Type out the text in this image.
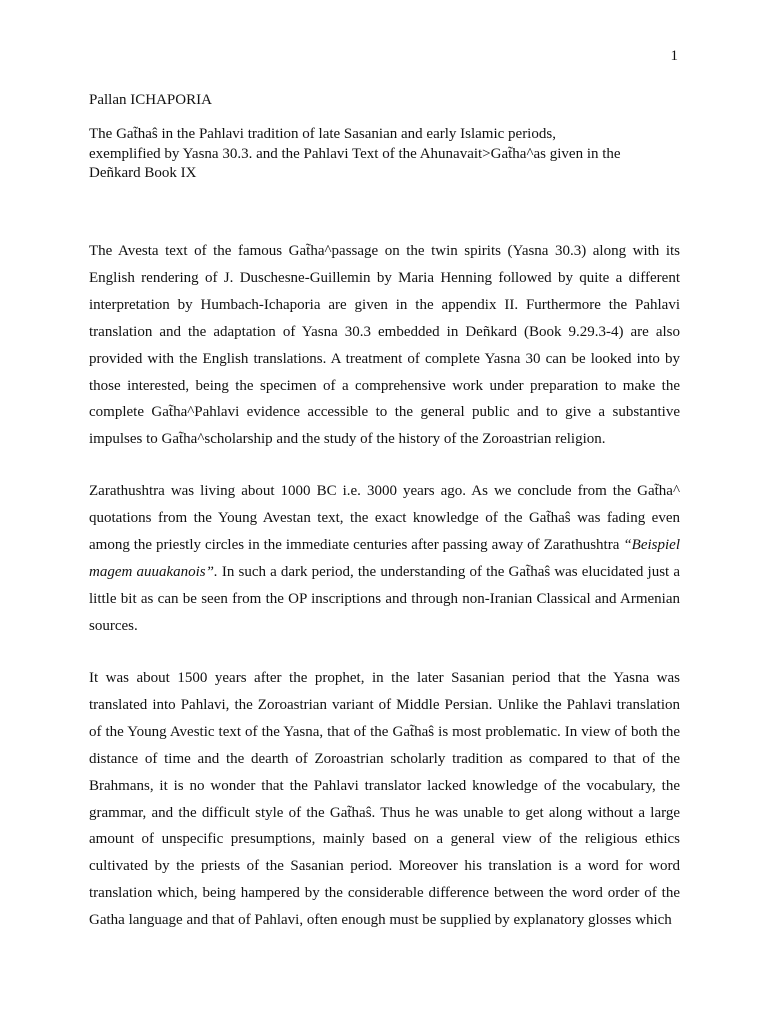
1

Pallan ICHAPORIA

The Gat̃haŝ in the Pahlavi tradition of late Sasanian and early Islamic periods,
exemplified by Yasna 30.3. and the Pahlavi Text of the Ahunavait>Gat̃ha^as given in the
Deñkard Book IX

The Avesta text of the famous Gat̃ha^passage on the twin spirits (Yasna 30.3) along with its English rendering of J. Duschesne-Guillemin by Maria Henning followed by quite a different interpretation by Humbach-Ichaporia are given in the appendix II. Furthermore the Pahlavi translation and the adaptation of Yasna 30.3 embedded in Deñkard (Book 9.29.3-4) are also provided with the English translations. A treatment of complete Yasna 30 can be looked into by those interested, being the specimen of a comprehensive work under preparation to make the complete Gat̃ha^Pahlavi evidence accessible to the general public and to give a substantive impulses to Gat̃ha^scholarship and the study of the history of the Zoroastrian religion.

Zarathushtra was living about 1000 BC i.e. 3000 years ago. As we conclude from the Gat̃ha^ quotations from the Young Avestan text, the exact knowledge of the Gat̃haŝ was fading even among the priestly circles in the immediate centuries after passing away of Zarathushtra “Beispiel magem auuakanois”. In such a dark period, the understanding of the Gat̃haŝ was elucidated just a little bit as can be seen from the OP inscriptions and through non-Iranian Classical and Armenian sources.

It was about 1500 years after the prophet, in the later Sasanian period that the Yasna was translated into Pahlavi, the Zoroastrian variant of Middle Persian. Unlike the Pahlavi translation of the Young Avestic text of the Yasna, that of the Gat̃haŝ is most problematic. In view of both the distance of time and the dearth of Zoroastrian scholarly tradition as compared to that of the Brahmans, it is no wonder that the Pahlavi translator lacked knowledge of the vocabulary, the grammar, and the difficult style of the Gat̃haŝ. Thus he was unable to get along without a large amount of unspecific presumptions, mainly based on a general view of the religious ethics cultivated by the priests of the Sasanian period. Moreover his translation is a word for word translation which, being hampered by the considerable difference between the word order of the Gatha language and that of Pahlavi, often enough must be supplied by explanatory glosses which
